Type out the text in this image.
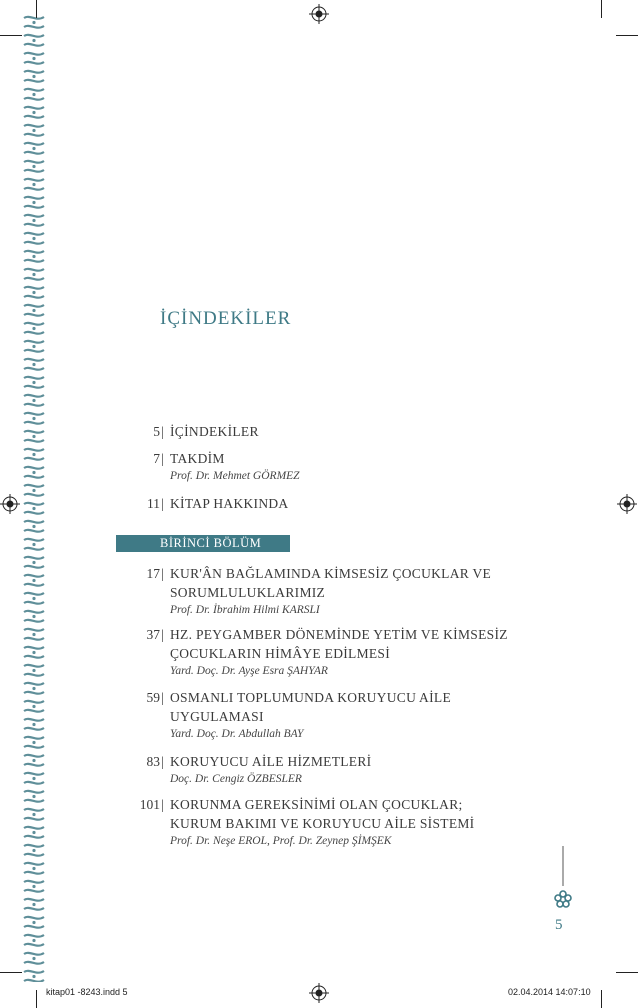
İÇİNDEKİLER
5 | İÇİNDEKİLER
7 | TAKDİM
Prof. Dr. Mehmet GÖRMEZ
11 | KİTAP HAKKINDA
BİRİNCİ BÖLÜM
17 | KUR'ÂN BAĞLAMINDA KİMSESİZ ÇOCUKLAR VE
SORUMLULUKLARIMIZ
Prof. Dr. İbrahim Hilmi KARSLI
37 | HZ. PEYGAMBER DÖNEMİNDE YETİM VE KİMSESİZ
ÇOCUKLARIN HİMÂYE EDİLMESİ
Yard. Doç. Dr. Ayşe Esra ŞAHYAR
59 | OSMANLI TOPLUMUNDA KORUYUCU AİLE
UYGULAMASI
Yard. Doç. Dr. Abdullah BAY
83 | KORUYUCU AİLE HİZMETLERİ
Doç. Dr. Cengiz ÖZBESLER
101 | KORUNMA GEREKSİNİMİ OLAN ÇOCUKLAR;
KURUM BAKIMI VE KORUYUCU AİLE SİSTEMİ
Prof. Dr. Neşe EROL, Prof. Dr. Zeynep ŞİMŞEK
5
kitap01 -8243.indd 5	02.04.2014 14:07:10
